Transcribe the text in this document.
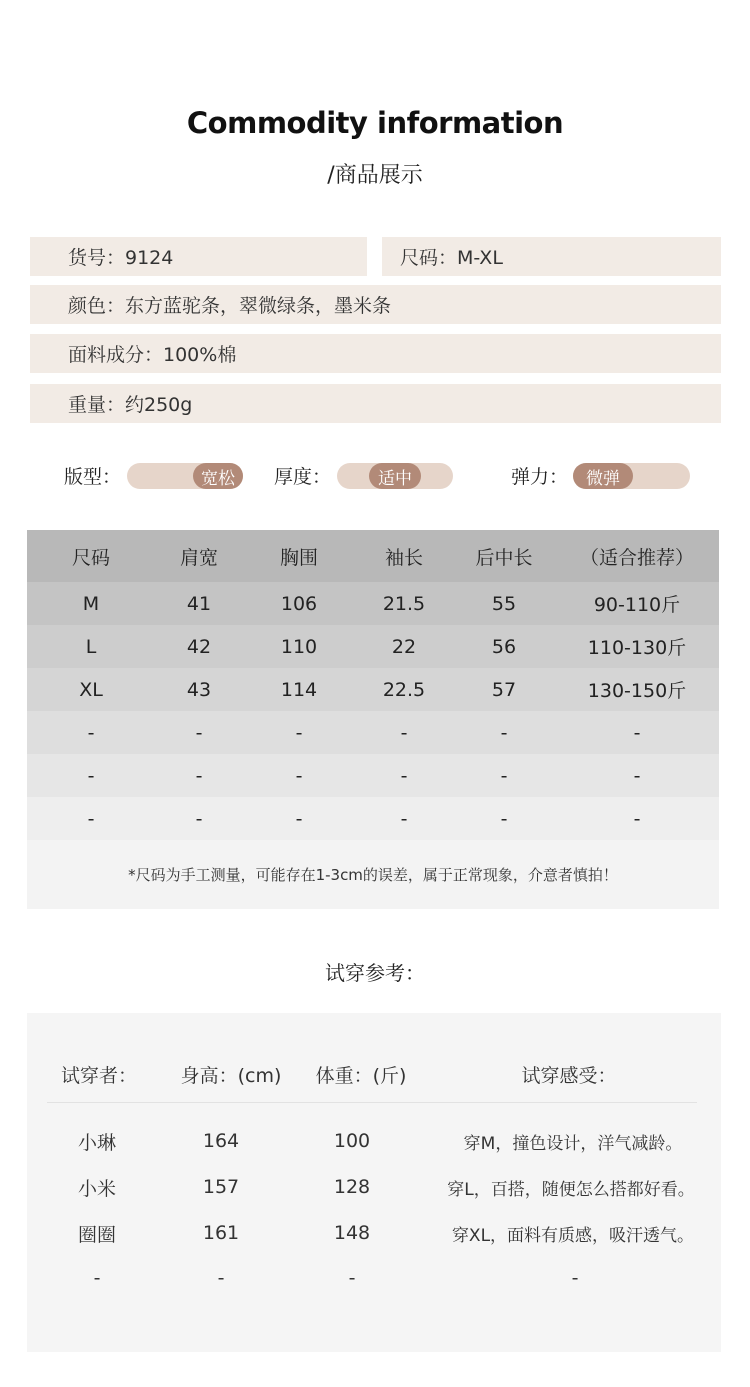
Commodity information
/商品展示
货号：9124	尺码：M-XL
颜色：东方蓝驼条，翠微绿条，墨米条
面料成分：100%棉
重量：约250g
版型：	宽松	厚度：	适中	弹力：	微弹
尺码	肩宽	胸围	袖长	后中长	（适合推荐）
M	41	106	21.5	55	90-110斤
L	42	110	22	56	110-130斤
XL	43	114	22.5	57	130-150斤
-	-	-	-	-	-
-	-	-	-	-	-
-	-	-	-	-	-
*尺码为手工测量，可能存在1-3cm的误差，属于正常现象，介意者慎拍！
试穿参考：
试穿者： 身高：(cm) 体重：(斤)	试穿感受：
小琳	164	100	穿M，撞色设计，洋气减龄。
小米	157	128	穿L，百搭，随便怎么搭都好看。
圈圈	161	148	穿XL，面料有质感，吸汗透气。
-	-	-	-
